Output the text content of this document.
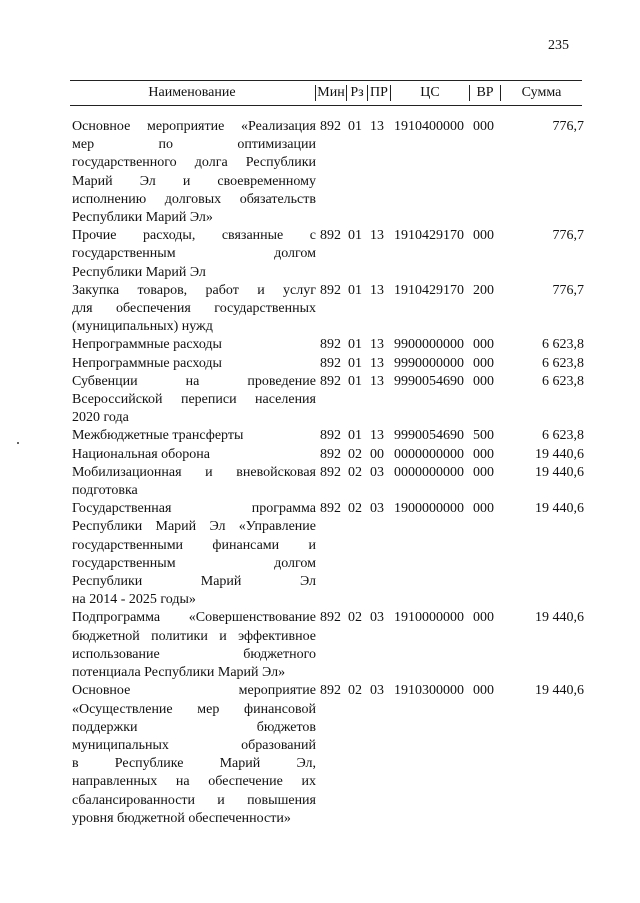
235
Наименование	Мин Рз ПР	ЦС	ВР	Сумма
Основное мероприятие «Реализация
мер по оптимизации
государственного долга Республики
Марий Эл и своевременному
исполнению долговых обязательств
Республики Марий Эл»
892 01 13 1910400000 000	776,7
Прочие расходы, связанные с
государственным долгом
Республики Марий Эл
892 01 13 1910429170 000	776,7
Закупка товаров, работ и услуг
для обеспечения государственных
(муниципальных) нужд
892 01 13 1910429170 200	776,7
Непрограммные расходы	892 01 13 9900000000 000	6 623,8
Непрограммные расходы	892 01 13 9990000000 000	6 623,8
Субвенции на проведение
Всероссийской переписи населения
2020 года
892 01 13 9990054690 000	6 623,8
Межбюджетные трансферты	892 01 13 9990054690 500	6 623,8
Национальная оборона	892 02 00 0000000000 000	19 440,6
Мобилизационная и вневойсковая
подготовка
892 02 03 0000000000 000	19 440,6
Государственная программа
Республики Марий Эл «Управление
государственными финансами и
государственным долгом
Республики Марий Эл
на 2014 - 2025 годы»
892 02 03 1900000000 000	19 440,6
Подпрограмма «Совершенствование
бюджетной политики и эффективное
использование бюджетного
потенциала Республики Марий Эл»
892 02 03 1910000000 000	19 440,6
Основное мероприятие
«Осуществление мер финансовой
поддержки бюджетов
муниципальных образований
в Республике Марий Эл,
направленных на обеспечение их
сбалансированности и повышения
уровня бюджетной обеспеченности»
892 02 03 1910300000 000	19 440,6
